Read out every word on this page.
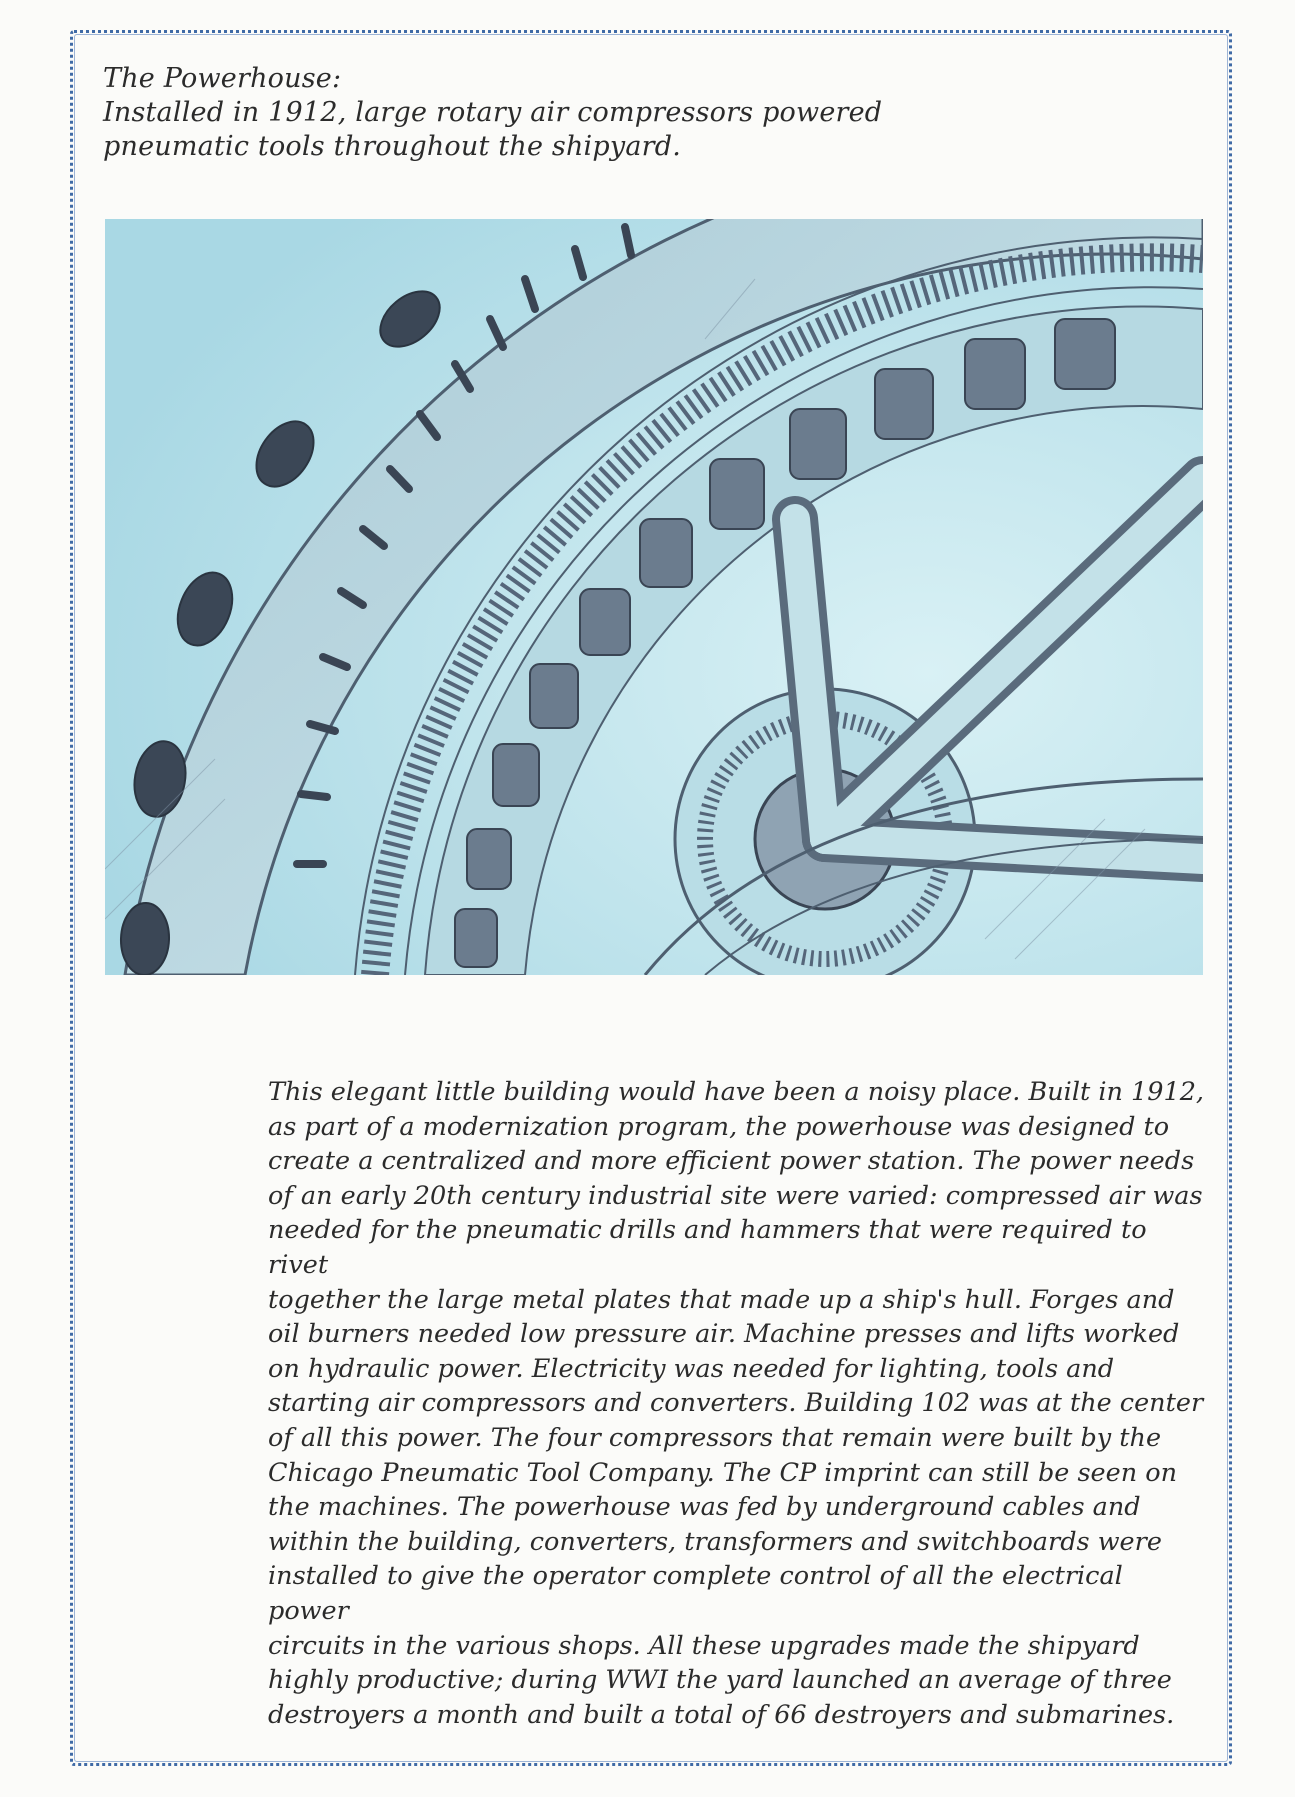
The Powerhouse:
Installed in 1912, large rotary air compressors powered
pneumatic tools throughout the shipyard.
This elegant little building would have been a noisy place. Built in 1912,
as part of a modernization program, the powerhouse was designed to
create a centralized and more efficient power station. The power needs
of an early 20th century industrial site were varied: compressed air was
needed for the pneumatic drills and hammers that were required to rivet
together the large metal plates that made up a ship's hull. Forges and
oil burners needed low pressure air. Machine presses and lifts worked
on hydraulic power. Electricity was needed for lighting, tools and
starting air compressors and converters. Building 102 was at the center
of all this power. The four compressors that remain were built by the
Chicago Pneumatic Tool Company. The CP imprint can still be seen on
the machines. The powerhouse was fed by underground cables and
within the building, converters, transformers and switchboards were
installed to give the operator complete control of all the electrical power
circuits in the various shops. All these upgrades made the shipyard
highly productive; during WWI the yard launched an average of three
destroyers a month and built a total of 66 destroyers and submarines.
